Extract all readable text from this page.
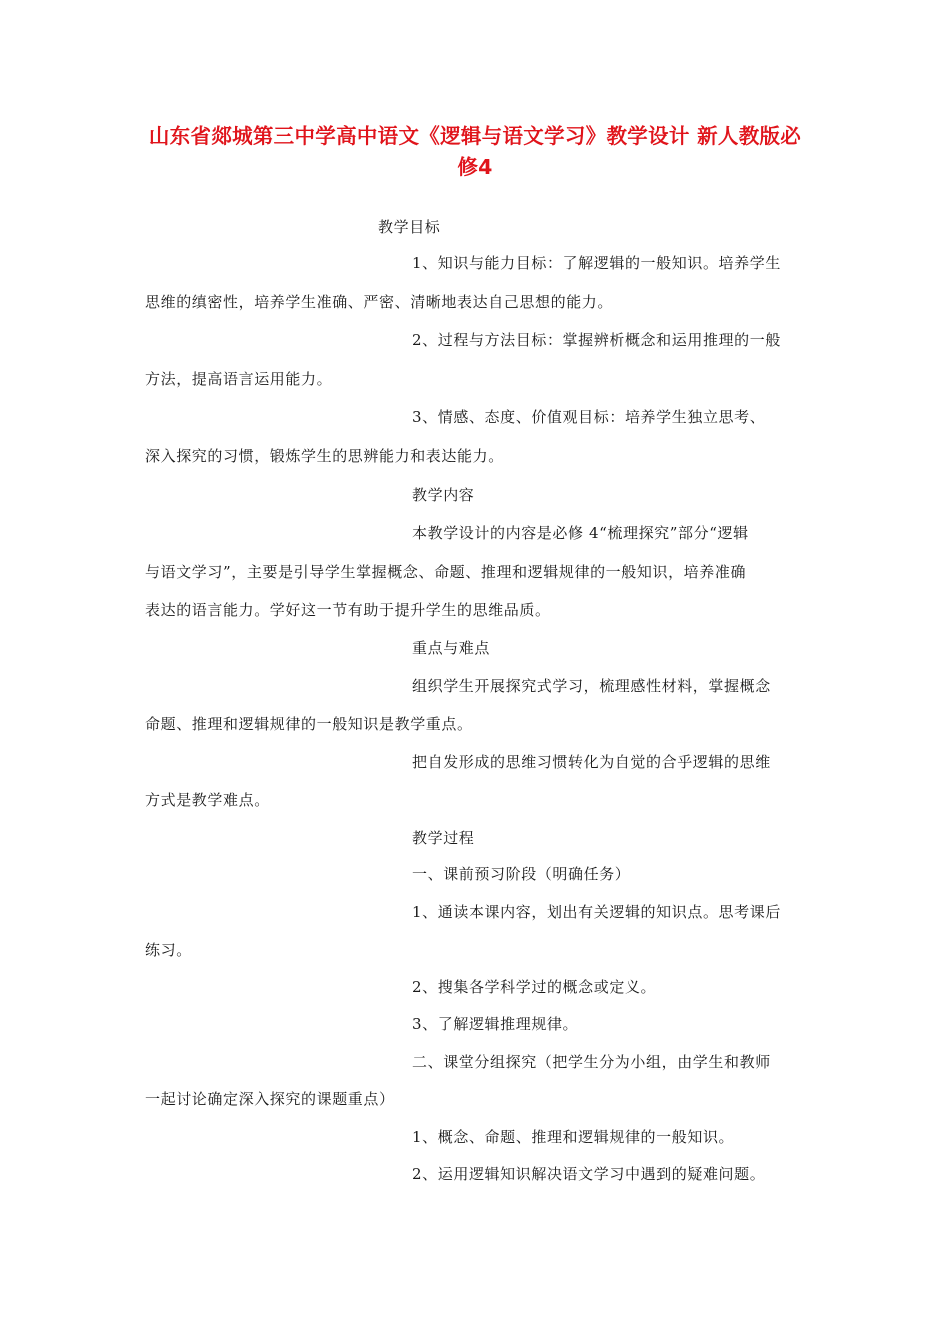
山东省郯城第三中学高中语文《逻辑与语文学习》教学设计 新人教版必修4
教学目标
1、知识与能力目标：了解逻辑的一般知识。培养学生
思维的缜密性，培养学生准确、严密、清晰地表达自己思想的能力。
2、过程与方法目标：掌握辨析概念和运用推理的一般
方法，提高语言运用能力。
3、情感、态度、价值观目标：培养学生独立思考、
深入探究的习惯，锻炼学生的思辨能力和表达能力。
教学内容
本教学设计的内容是必修 4“梳理探究”部分“逻辑
与语文学习”，主要是引导学生掌握概念、命题、推理和逻辑规律的一般知识，培养准确
表达的语言能力。学好这一节有助于提升学生的思维品质。
重点与难点
组织学生开展探究式学习，梳理感性材料，掌握概念
命题、推理和逻辑规律的一般知识是教学重点。
把自发形成的思维习惯转化为自觉的合乎逻辑的思维
方式是教学难点。
教学过程
一、课前预习阶段（明确任务）
1、通读本课内容，划出有关逻辑的知识点。思考课后
练习。
2、搜集各学科学过的概念或定义。
3、了解逻辑推理规律。
二、课堂分组探究（把学生分为小组，由学生和教师
一起讨论确定深入探究的课题重点）
1、概念、命题、推理和逻辑规律的一般知识。
2、运用逻辑知识解决语文学习中遇到的疑难问题。
